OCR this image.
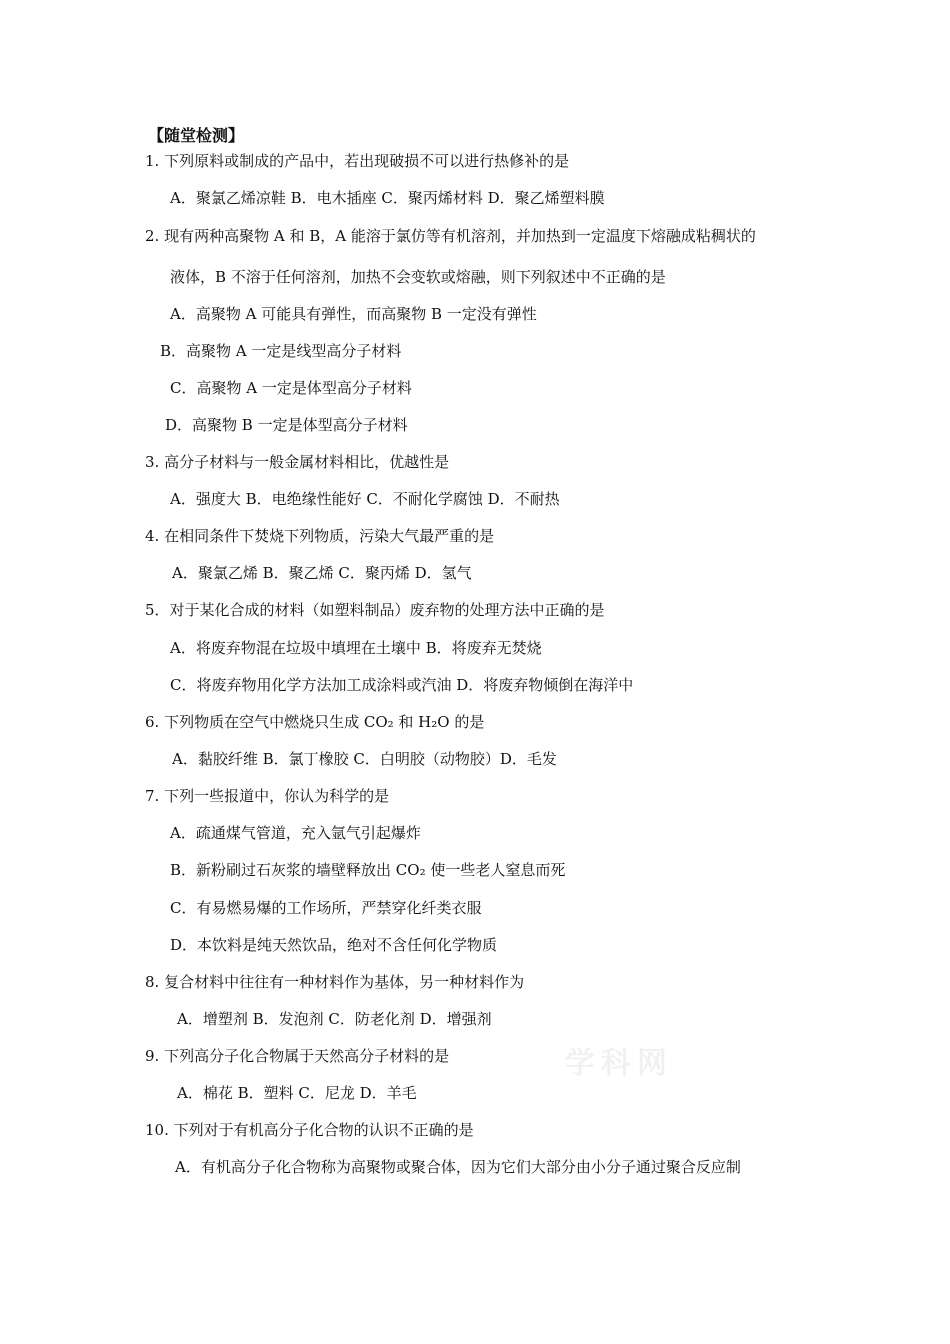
【随堂检测】
1. 下列原料或制成的产品中，若出现破损不可以进行热修补的是
A．聚氯乙烯凉鞋 B．电木插座 C．聚丙烯材料 D．聚乙烯塑料膜
2. 现有两种高聚物 A 和 B，A 能溶于氯仿等有机溶剂，并加热到一定温度下熔融成粘稠状的
液体，B 不溶于任何溶剂，加热不会变软或熔融，则下列叙述中不正确的是
A．高聚物 A 可能具有弹性，而高聚物 B 一定没有弹性
B．高聚物 A 一定是线型高分子材料
C．高聚物 A 一定是体型高分子材料
D．高聚物 B 一定是体型高分子材料
3. 高分子材料与一般金属材料相比，优越性是
A．强度大 B．电绝缘性能好 C．不耐化学腐蚀 D．不耐热
4. 在相同条件下焚烧下列物质，污染大气最严重的是
A．聚氯乙烯 B．聚乙烯 C．聚丙烯 D．氢气
5．对于某化合成的材料（如塑料制品）废弃物的处理方法中正确的是
A．将废弃物混在垃圾中填埋在土壤中 B．将废弃无焚烧
C．将废弃物用化学方法加工成涂料或汽油 D．将废弃物倾倒在海洋中
6. 下列物质在空气中燃烧只生成 CO₂ 和 H₂O 的是
A．黏胶纤维 B．氯丁橡胶 C．白明胶（动物胶）D．毛发
7. 下列一些报道中，你认为科学的是
A．疏通煤气管道，充入氩气引起爆炸
B．新粉刷过石灰浆的墙壁释放出 CO₂ 使一些老人窒息而死
C．有易燃易爆的工作场所，严禁穿化纤类衣服
D．本饮料是纯天然饮品，绝对不含任何化学物质
8. 复合材料中往往有一种材料作为基体，另一种材料作为
A．增塑剂 B．发泡剂 C．防老化剂 D．增强剂
9. 下列高分子化合物属于天然高分子材料的是
A．棉花 B．塑料 C．尼龙 D．羊毛
10. 下列对于有机高分子化合物的认识不正确的是
A．有机高分子化合物称为高聚物或聚合体，因为它们大部分由小分子通过聚合反应制
学科网
